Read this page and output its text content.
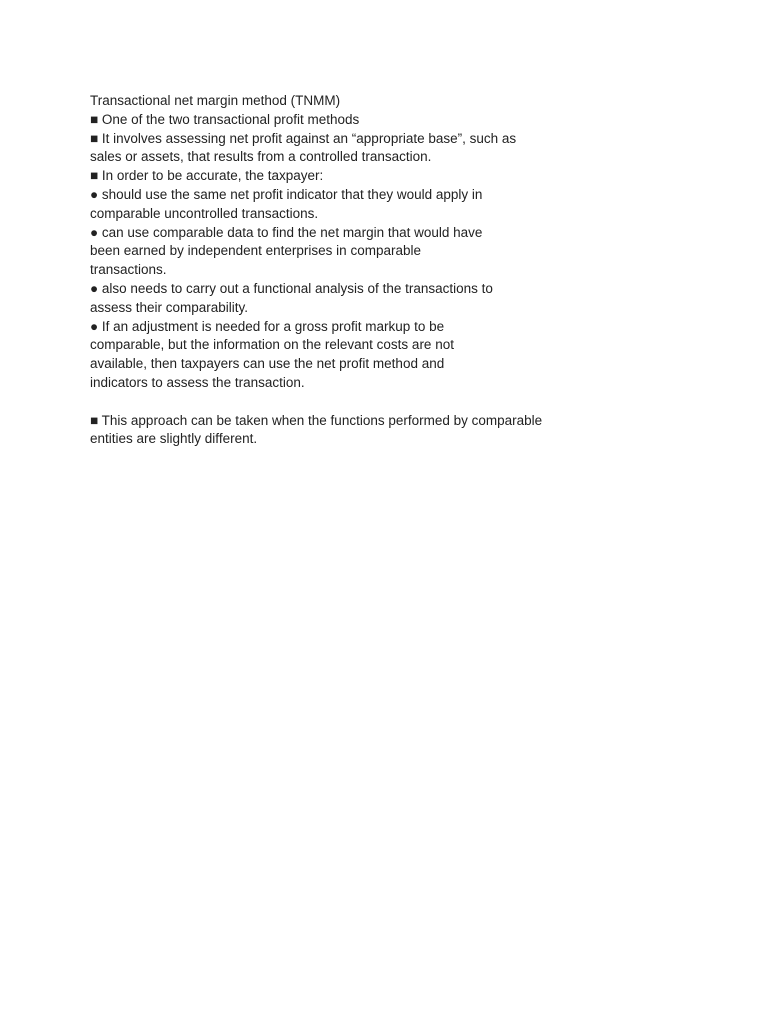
Transactional net margin method (TNMM)
■ One of the two transactional profit methods
■ It involves assessing net profit against an “appropriate base”, such as
sales or assets, that results from a controlled transaction.
■ In order to be accurate, the taxpayer:
● should use the same net profit indicator that they would apply in
comparable uncontrolled transactions.
● can use comparable data to find the net margin that would have
been earned by independent enterprises in comparable
transactions.
● also needs to carry out a functional analysis of the transactions to
assess their comparability.
● If an adjustment is needed for a gross profit markup to be
comparable, but the information on the relevant costs are not
available, then taxpayers can use the net profit method and
indicators to assess the transaction.
■ This approach can be taken when the functions performed by comparable
entities are slightly different.
